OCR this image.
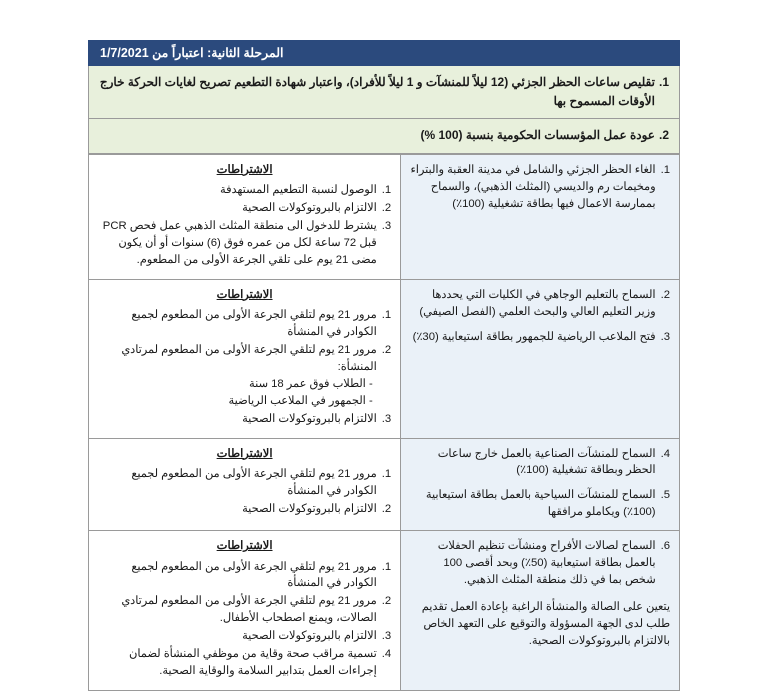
المرحلة الثانية: اعتباراً من 1/7/2021
1.
تقليص ساعات الحظر الجزئي (12 ليلاً للمنشآت و 1 ليلاً للأفراد)، واعتبار شهادة التطعيم تصريح لغايات الحركة خارج الأوقات المسموح بها
2.
عودة عمل المؤسسات الحكومية بنسبة (100 %)
1.
الغاء الحظر الجزئي والشامل في مدينة العقبة والبتراء ومخيمات رم والديسي (المثلث الذهبي)، والسماح بممارسة الاعمال فيها بطاقة تشغيلية (100٪)

الاشتراطات
1.
الوصول لنسبة التطعيم المستهدفة
2.
الالتزام بالبروتوكولات الصحية
3.
يشترط للدخول الى منطقة المثلث الذهبي عمل فحص PCR قبل 72 ساعة لكل من عمره فوق (6) سنوات أو أن يكون مضى 21 يوم على تلقي الجرعة الأولى من المطعوم.

2.
السماح بالتعليم الوجاهي في الكليات التي يحددها وزير التعليم العالي والبحث العلمي (الفصل الصيفي)
3.
فتح الملاعب الرياضية للجمهور بطاقة استيعابية (30٪)

الاشتراطات
1.
مرور 21 يوم لتلقي الجرعة الأولى من المطعوم لجميع الكوادر في المنشأة
2.
مرور 21 يوم لتلقي الجرعة الأولى من المطعوم لمرتادي المنشأة:
- الطلاب فوق عمر 18 سنة
- الجمهور في الملاعب الرياضية
3.
الالتزام بالبروتوكولات الصحية

4.
السماح للمنشآت الصناعية بالعمل خارج ساعات الحظر وبطاقة تشغيلية (100٪)
5.
السماح للمنشآت السياحية بالعمل بطاقة استيعابية (100٪) ويكاملو مرافقها

الاشتراطات
1.
مرور 21 يوم لتلقي الجرعة الأولى من المطعوم لجميع الكوادر في المنشأة
2.
الالتزام بالبروتوكولات الصحية

6.
السماح لصالات الأفراح ومنشآت تنظيم الحفلات بالعمل بطاقة استيعابية (50٪) وبحد أقصى 100 شخص بما في ذلك منطقة المثلث الذهبي.
يتعين على الصالة والمنشأة الراغبة بإعادة العمل تقديم طلب لدى الجهة المسؤولة والتوقيع على التعهد الخاص بالالتزام بالبروتوكولات الصحية.

الاشتراطات
1.
مرور 21 يوم لتلقي الجرعة الأولى من المطعوم لجميع الكوادر في المنشأة
2.
مرور 21 يوم لتلقي الجرعة الأولى من المطعوم لمرتادي الصالات، ويمنع اصطحاب الأطفال.
3.
الالتزام بالبروتوكولات الصحية
4.
تسمية مراقب صحة وقاية من موظفي المنشأة لضمان إجراءات العمل بتدابير السلامة والوقاية الصحية.
